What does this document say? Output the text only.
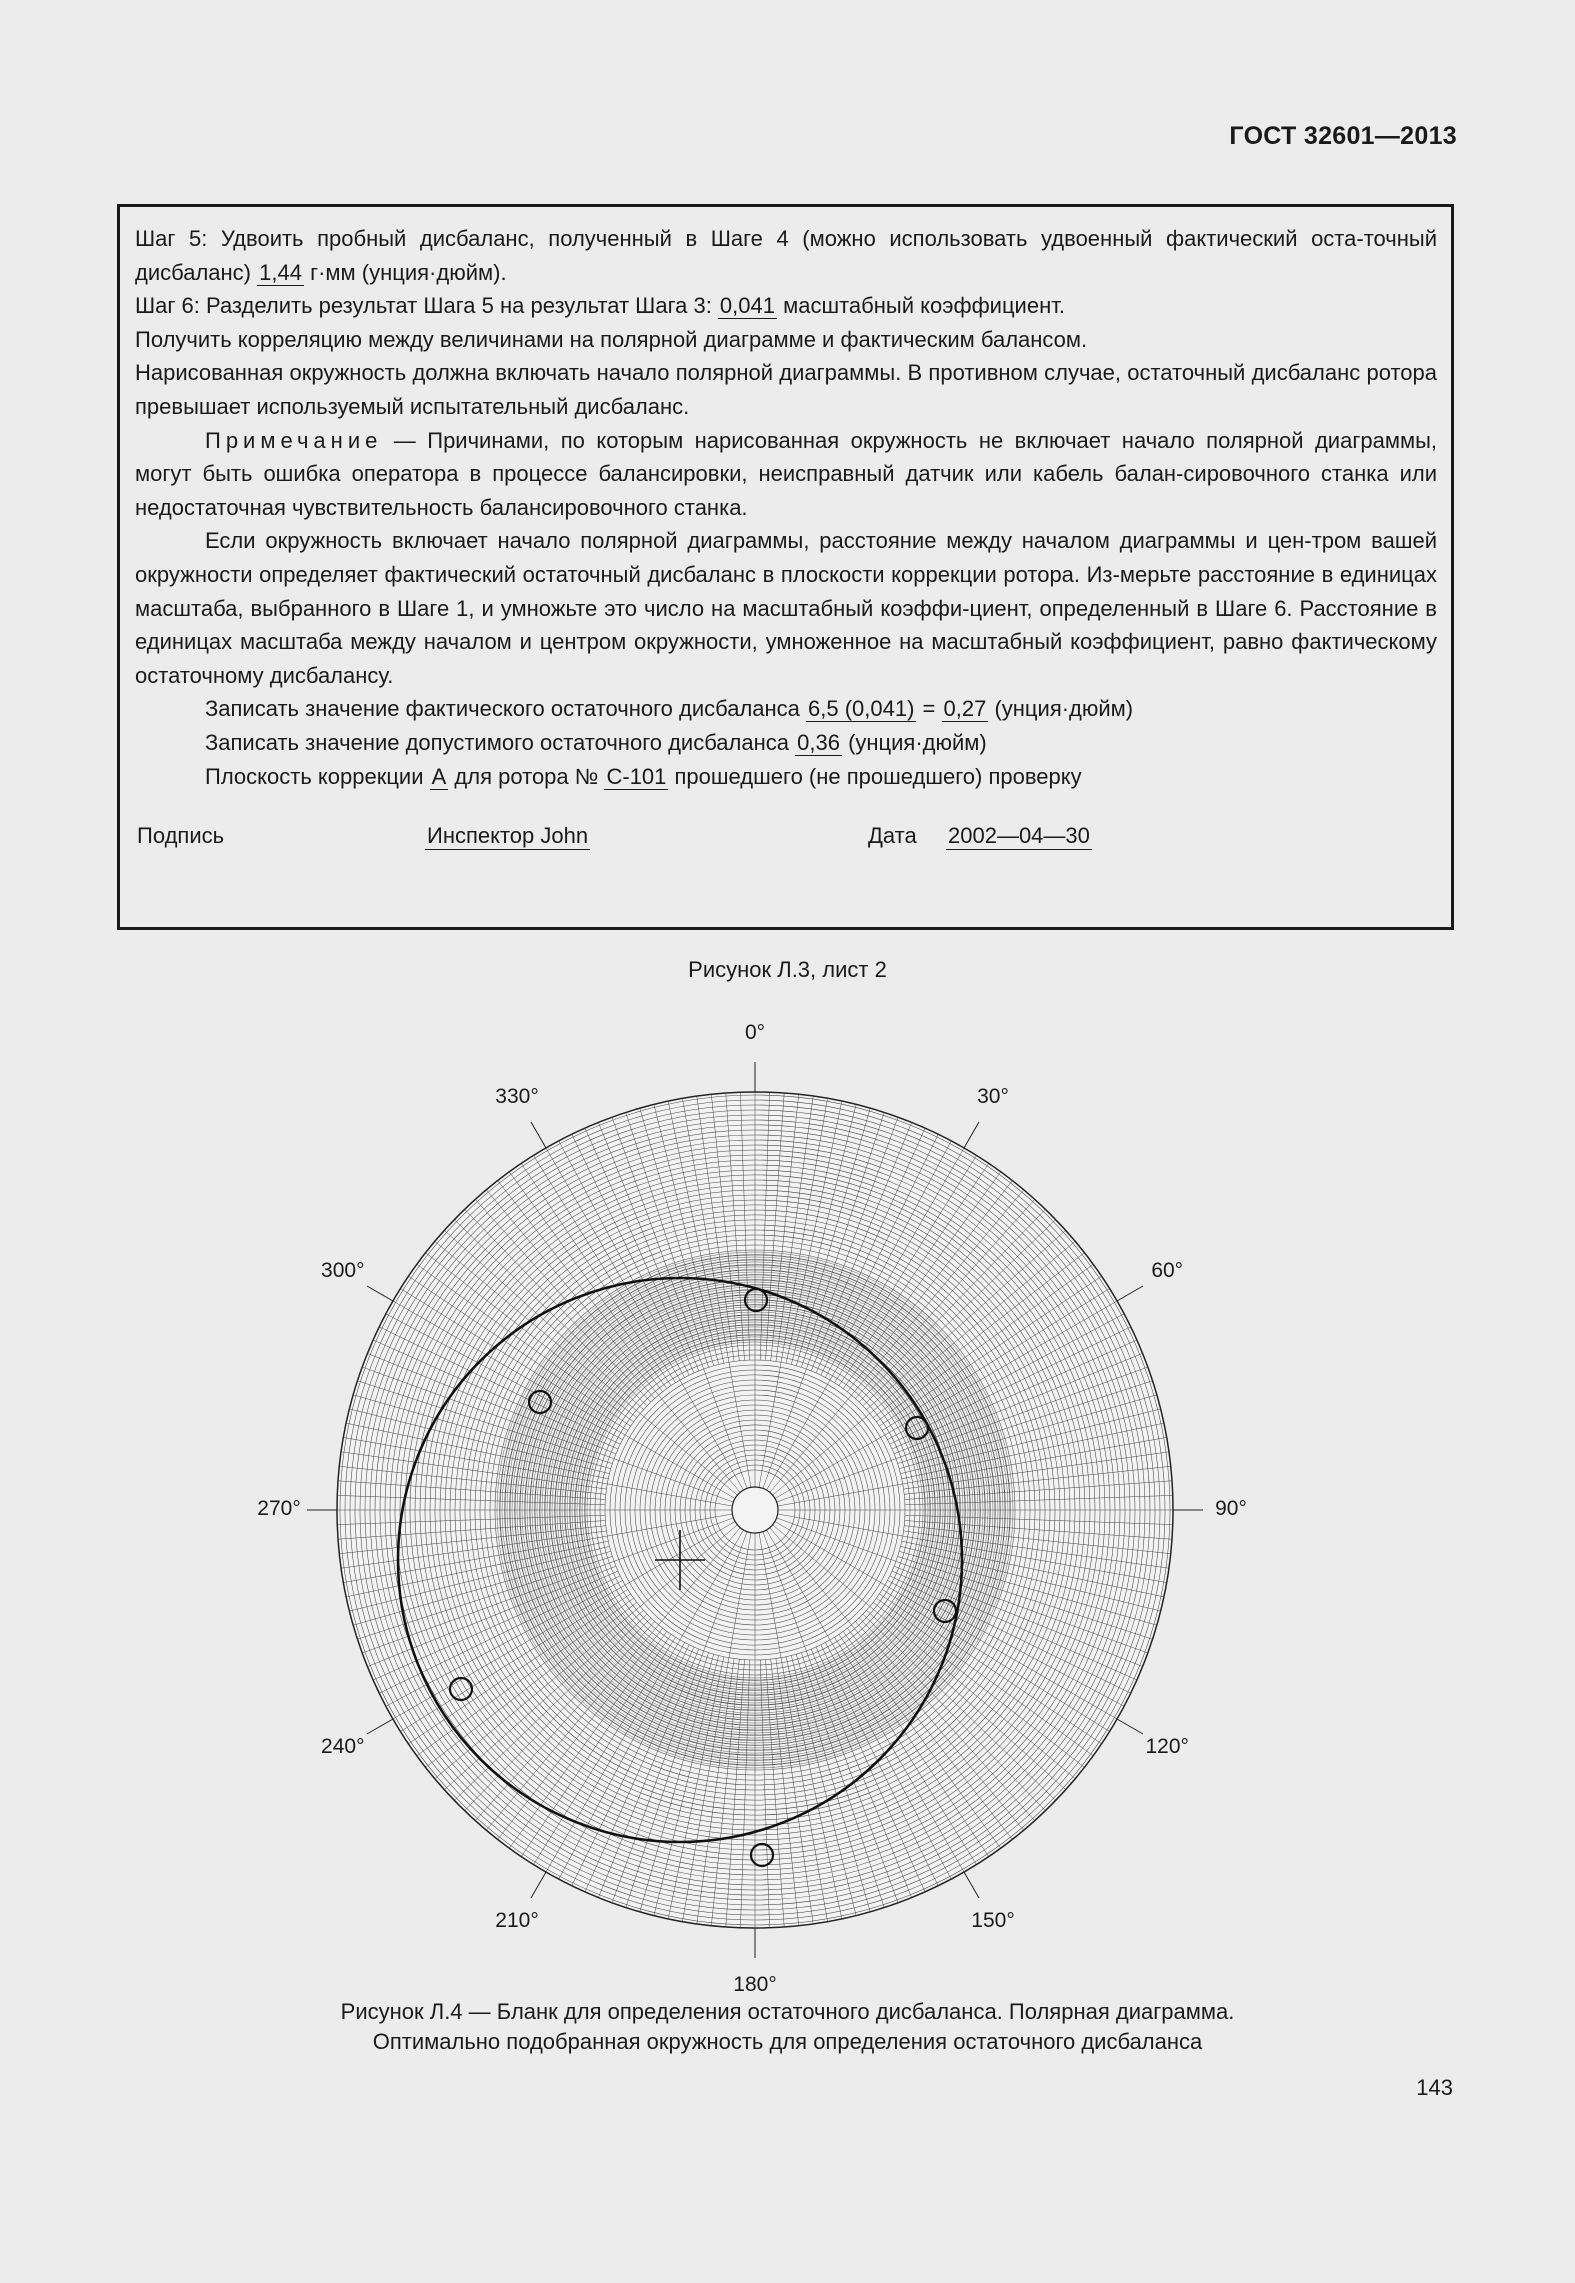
ГОСТ 32601—2013

Шаг 5: Удвоить пробный дисбаланс, полученный в Шаге 4 (можно использовать удвоенный фактический оста-точный дисбаланс) 1,44 г·мм (унция·дюйм).

Шаг 6: Разделить результат Шага 5 на результат Шага 3: 0,041 масштабный коэффициент.

Получить корреляцию между величинами на полярной диаграмме и фактическим балансом.

Нарисованная окружность должна включать начало полярной диаграммы. В противном случае, остаточный дисбаланс ротора превышает используемый испытательный дисбаланс.

Примечание — Причинами, по которым нарисованная окружность не включает начало полярной диаграммы, могут быть ошибка оператора в процессе балансировки, неисправный датчик или кабель балан-сировочного станка или недостаточная чувствительность балансировочного станка.

Если окружность включает начало полярной диаграммы, расстояние между началом диаграммы и цен-тром вашей окружности определяет фактический остаточный дисбаланс в плоскости коррекции ротора. Из-мерьте расстояние в единицах масштаба, выбранного в Шаге 1, и умножьте это число на масштабный коэффи-циент, определенный в Шаге 6. Расстояние в единицах масштаба между началом и центром окружности, умноженное на масштабный коэффициент, равно фактическому остаточному дисбалансу.

Записать значение фактического остаточного дисбаланса 6,5 (0,041) = 0,27 (унция·дюйм)

Записать значение допустимого остаточного дисбаланса 0,36 (унция·дюйм)

Плоскость коррекции А для ротора № С-101 прошедшего (не прошедшего) проверку

Подпись	Инспектор John	Дата 2002—04—30
Рисунок Л.3, лист 2
0°
30°
60°
90°
120°
150°
180°
210°
240°
270°
300°
330°
Рисунок Л.4 — Бланк для определения остаточного дисбаланса. Полярная диаграмма.
Оптимально подобранная окружность для определения остаточного дисбаланса
143
